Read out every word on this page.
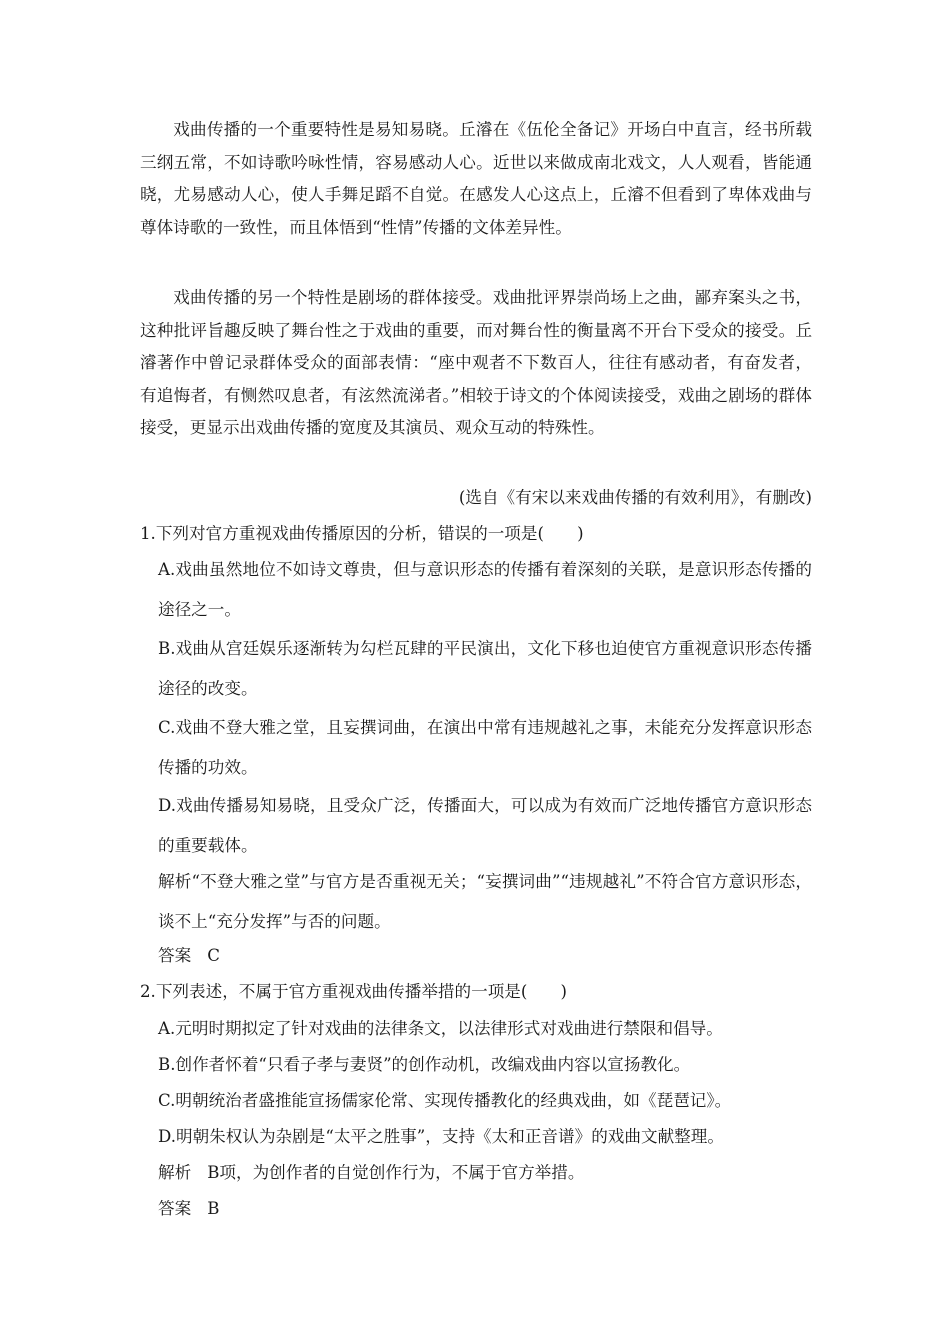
戏曲传播的一个重要特性是易知易晓。丘濬在《伍伦全备记》开场白中直言，经书所载三纲五常，不如诗歌吟咏性情，容易感动人心。近世以来做成南北戏文，人人观看，皆能通晓，尤易感动人心，使人手舞足蹈不自觉。在感发人心这点上，丘濬不但看到了卑体戏曲与尊体诗歌的一致性，而且体悟到“性情”传播的文体差异性。

戏曲传播的另一个特性是剧场的群体接受。戏曲批评界崇尚场上之曲，鄙弃案头之书，这种批评旨趣反映了舞台性之于戏曲的重要，而对舞台性的衡量离不开台下受众的接受。丘濬著作中曾记录群体受众的面部表情：“座中观者不下数百人，往往有感动者，有奋发者，有追悔者，有恻然叹息者，有泫然流涕者。”相较于诗文的个体阅读接受，戏曲之剧场的群体接受，更显示出戏曲传播的宽度及其演员、观众互动的特殊性。

(选自《有宋以来戏曲传播的有效利用》，有删改)

1.下列对官方重视戏曲传播原因的分析，错误的一项是(　　)

A.戏曲虽然地位不如诗文尊贵，但与意识形态的传播有着深刻的关联，是意识形态传播的途径之一。

B.戏曲从宫廷娱乐逐渐转为勾栏瓦肆的平民演出，文化下移也迫使官方重视意识形态传播途径的改变。

C.戏曲不登大雅之堂，且妄撰词曲，在演出中常有违规越礼之事，未能充分发挥意识形态传播的功效。

D.戏曲传播易知易晓，且受众广泛，传播面大，可以成为有效而广泛地传播官方意识形态的重要载体。

解析“不登大雅之堂”与官方是否重视无关；“妄撰词曲”“违规越礼”不符合官方意识形态，谈不上“充分发挥”与否的问题。

答案 C

2.下列表述，不属于官方重视戏曲传播举措的一项是(　　)

A.元明时期拟定了针对戏曲的法律条文，以法律形式对戏曲进行禁限和倡导。

B.创作者怀着“只看子孝与妻贤”的创作动机，改编戏曲内容以宣扬教化。

C.明朝统治者盛推能宣扬儒家伦常、实现传播教化的经典戏曲，如《琵琶记》。

D.明朝朱权认为杂剧是“太平之胜事”，支持《太和正音谱》的戏曲文献整理。

解析 B项，为创作者的自觉创作行为，不属于官方举措。

答案 B
